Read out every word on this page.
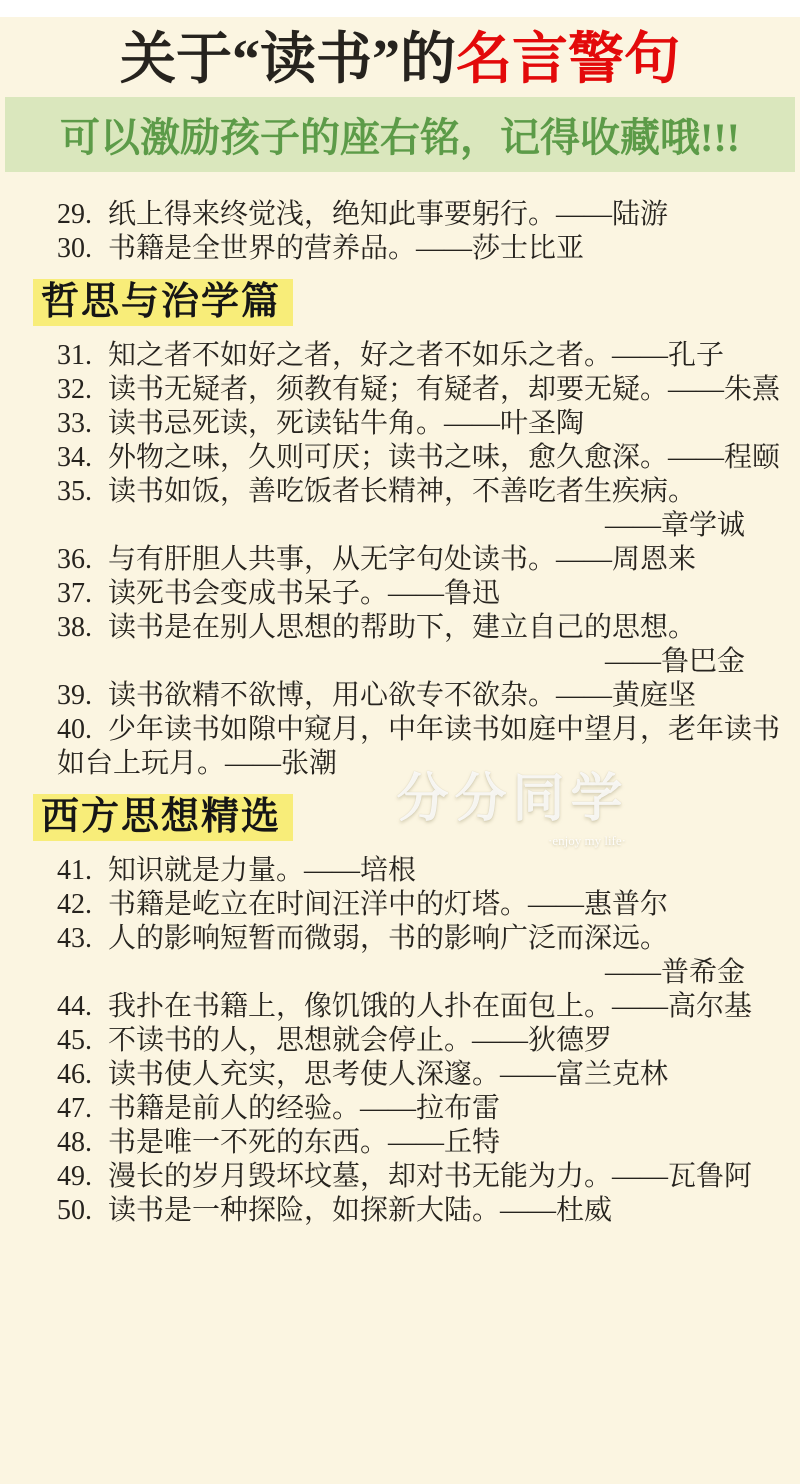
关于“读书”的名言警句
可以激励孩子的座右铭，记得收藏哦!!!
29. 纸上得来终觉浅，绝知此事要躬行。——陆游
30. 书籍是全世界的营养品。——莎士比亚
哲思与治学篇
31. 知之者不如好之者，好之者不如乐之者。——孔子
32. 读书无疑者，须教有疑；有疑者，却要无疑。——朱熹
33. 读书忌死读，死读钻牛角。——叶圣陶
34. 外物之味，久则可厌；读书之味，愈久愈深。——程颐
35. 读书如饭，善吃饭者长精神，不善吃者生疾病。
——章学诚
36. 与有肝胆人共事，从无字句处读书。——周恩来
37. 读死书会变成书呆子。——鲁迅
38. 读书是在别人思想的帮助下，建立自己的思想。
——鲁巴金
39. 读书欲精不欲博，用心欲专不欲杂。——黄庭坚
40. 少年读书如隙中窥月，中年读书如庭中望月，老年读书
如台上玩月。——张潮
西方思想精选
41. 知识就是力量。——培根
42. 书籍是屹立在时间汪洋中的灯塔。——惠普尔
43. 人的影响短暂而微弱，书的影响广泛而深远。
——普希金
44. 我扑在书籍上，像饥饿的人扑在面包上。——高尔基
45. 不读书的人，思想就会停止。——狄德罗
46. 读书使人充实，思考使人深邃。——富兰克林
47. 书籍是前人的经验。——拉布雷
48. 书是唯一不死的东西。——丘特
49. 漫长的岁月毁坏坟墓，却对书无能为力。——瓦鲁阿
50. 读书是一种探险，如探新大陆。——杜威
分分同学
·enjoy my life·
